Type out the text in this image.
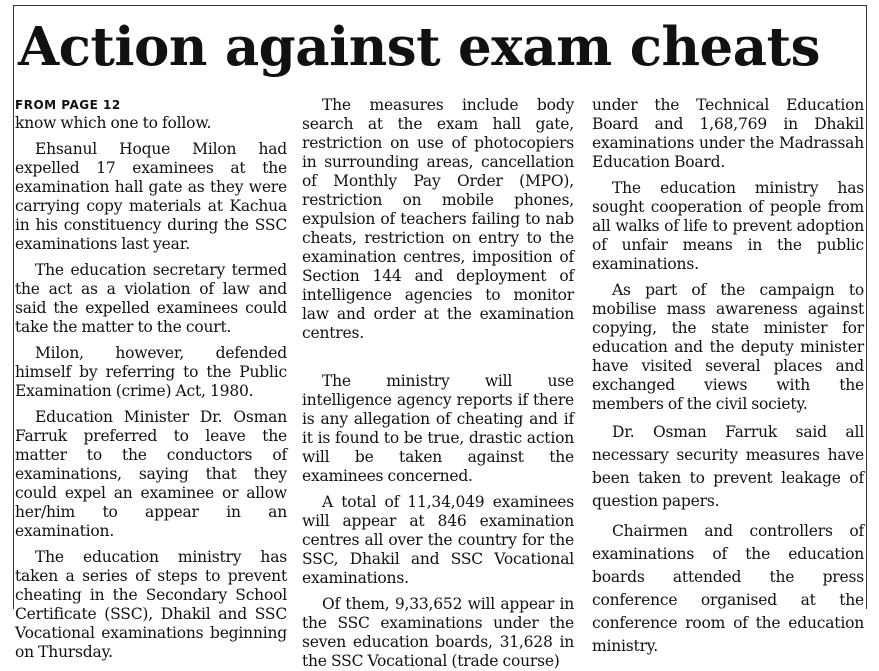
Action against exam cheats
FROM PAGE 12

know which one to follow.

Ehsanul Hoque Milon had expelled 17 examinees at the examination hall gate as they were carrying copy materials at Kachua in his constituency during the SSC examinations last year.

The education secretary termed the act as a violation of law and said the expelled examinees could take the matter to the court.

Milon, however, defended himself by referring to the Public Examination (crime) Act, 1980.

Education Minister Dr. Osman Farruk preferred to leave the matter to the conductors of examinations, saying that they could expel an examinee or allow her/him to appear in an examination.

The education ministry has taken a series of steps to prevent cheating in the Secondary School Certificate (SSC), Dhakil and SSC Vocational examinations beginning on Thursday.

The measures include body search at the exam hall gate, restriction on use of photocopiers in surrounding areas, cancellation of Monthly Pay Order (MPO), restriction on mobile phones, expulsion of teachers failing to nab cheats, restriction on entry to the examination centres, imposition of Section 144 and deployment of intelligence agencies to monitor law and order at the examination centres.

The ministry will use intelligence agency reports if there is any allegation of cheating and if it is found to be true, drastic action will be taken against the examinees concerned.

A total of 11,34,049 examinees will appear at 846 examination centres all over the country for the SSC, Dhakil and SSC Vocational examinations.

Of them, 9,33,652 will appear in the SSC examinations under the seven education boards, 31,628 in the SSC Vocational (trade course)

under the Technical Education Board and 1,68,769 in Dhakil examinations under the Madrassah Education Board.

The education ministry has sought cooperation of people from all walks of life to prevent adoption of unfair means in the public examinations.

As part of the campaign to mobilise mass awareness against copying, the state minister for education and the deputy minister have visited several places and exchanged views with the members of the civil society.

Dr. Osman Farruk said all necessary security measures have been taken to prevent leakage of question papers.

Chairmen and controllers of examinations of the education boards attended the press conference organised at the conference room of the education ministry.
